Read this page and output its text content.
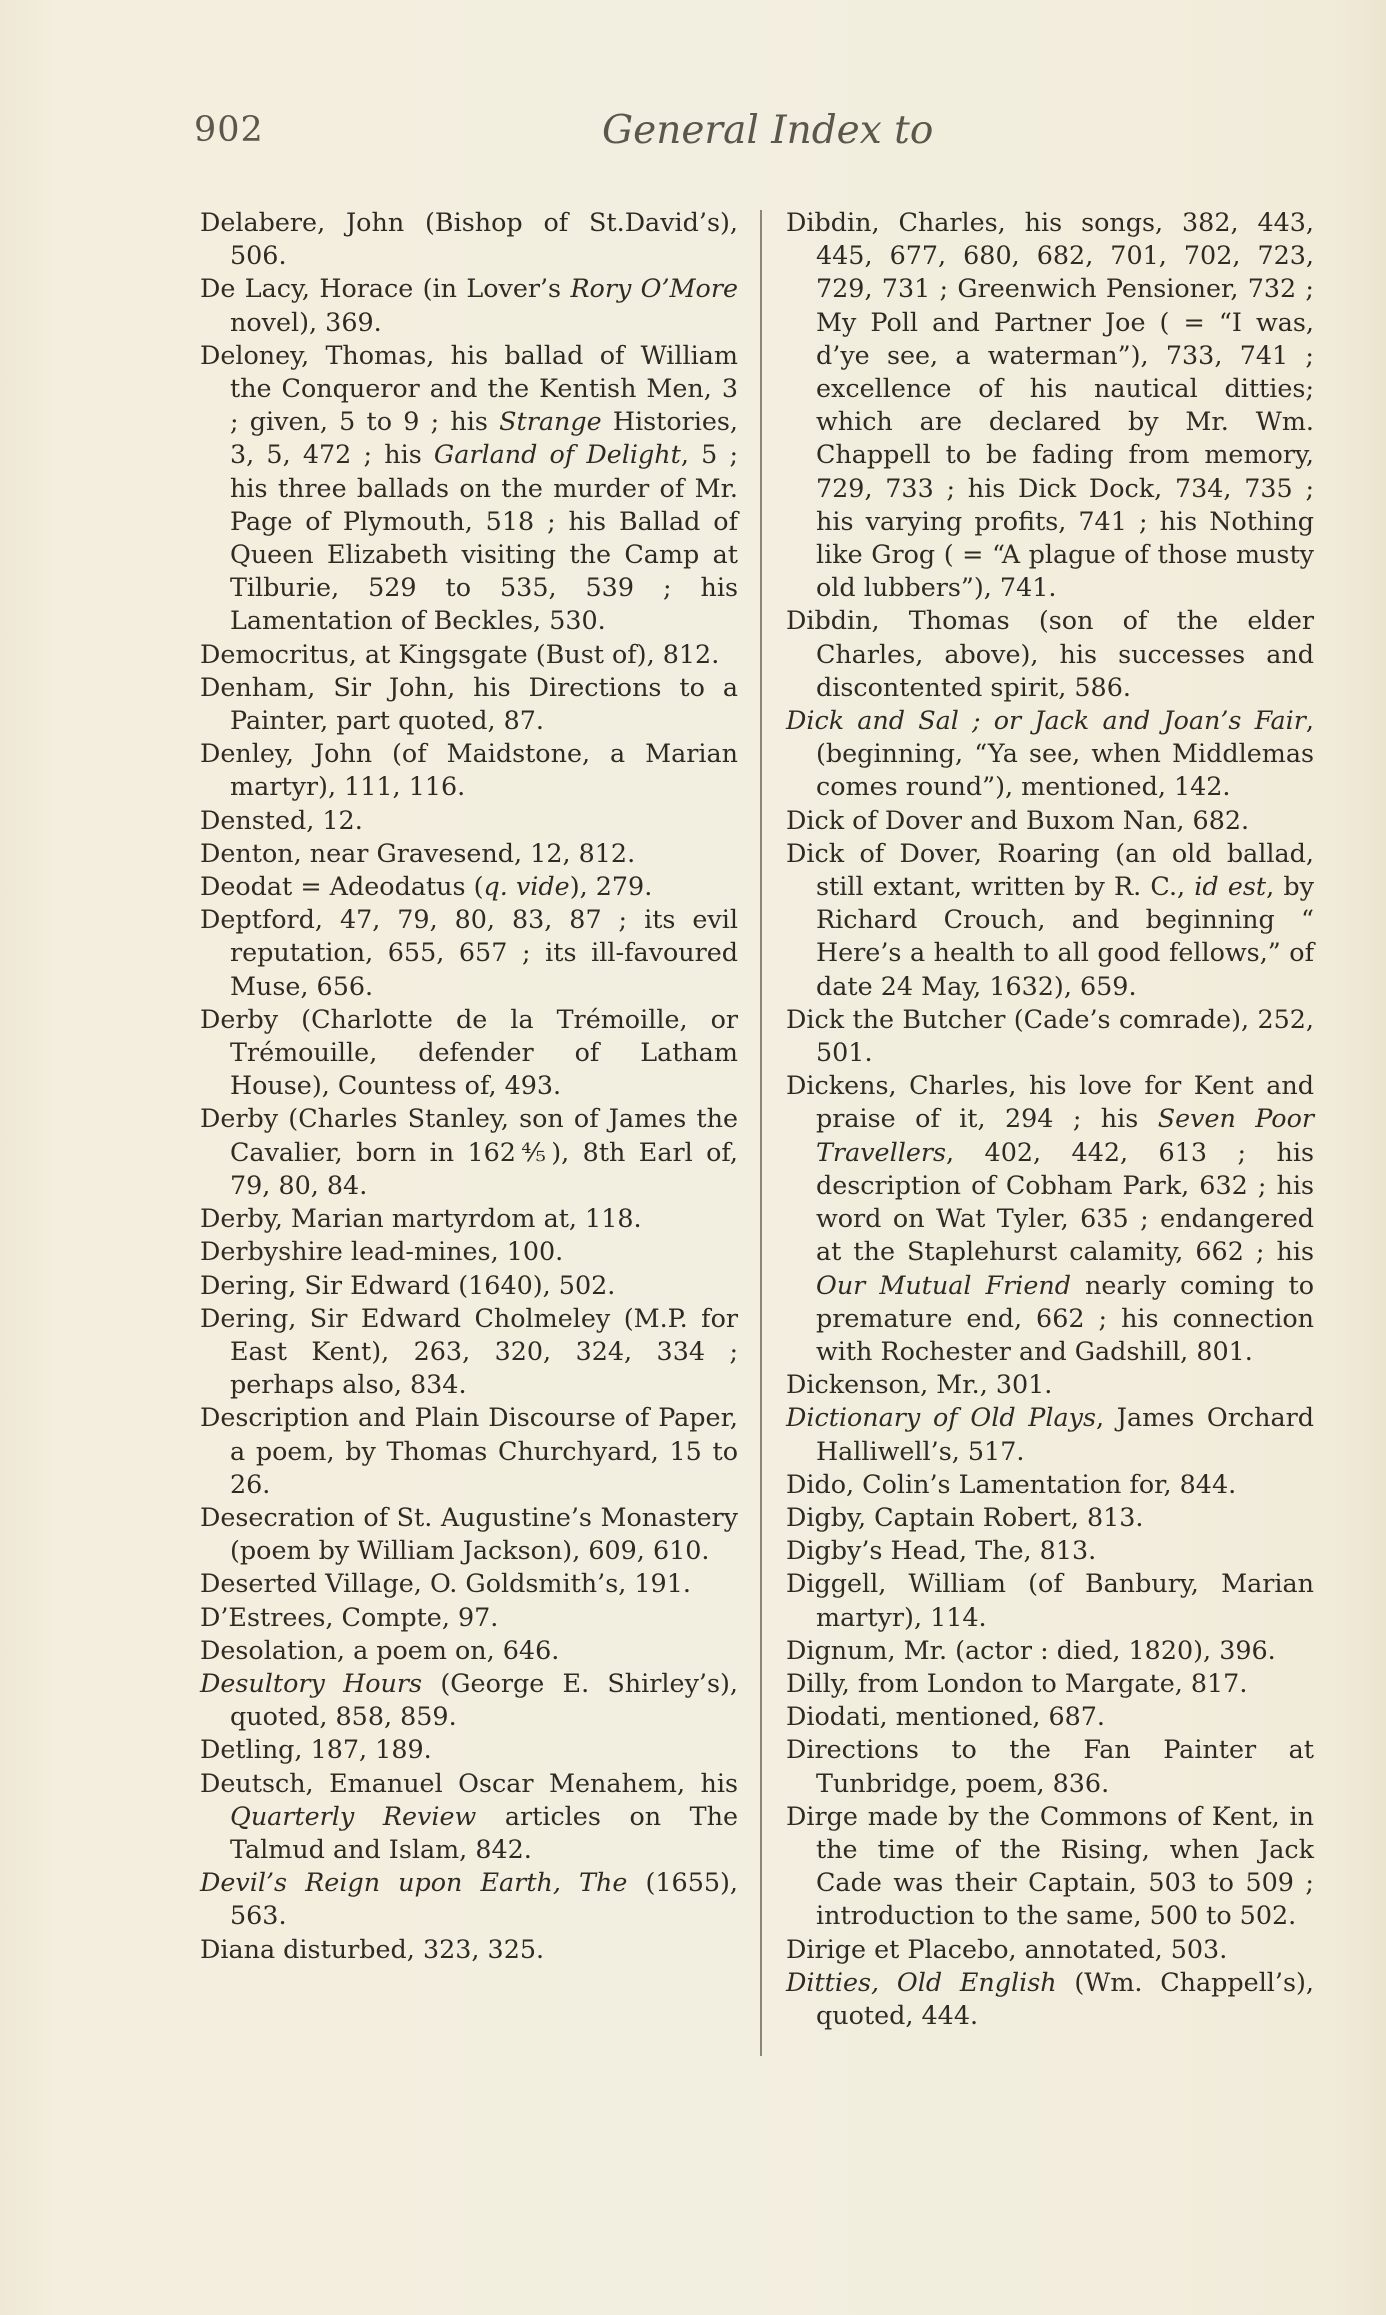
902	General Index to

Delabere, John (Bishop of St.David’s), 506.

De Lacy, Horace (in Lover’s Rory O’More novel), 369.

Deloney, Thomas, his ballad of William the Conqueror and the Kentish Men, 3 ; given, 5 to 9 ; his Strange Histories, 3, 5, 472 ; his Garland of Delight, 5 ; his three ballads on the murder of Mr. Page of Plymouth, 518 ; his Ballad of Queen Elizabeth visiting the Camp at Tilburie, 529 to 535, 539 ; his Lamentation of Beckles, 530.

Democritus, at Kingsgate (Bust of), 812.

Denham, Sir John, his Directions to a Painter, part quoted, 87.

Denley, John (of Maidstone, a Marian martyr), 111, 116.

Densted, 12.

Denton, near Gravesend, 12, 812.

Deodat = Adeodatus (q. vide), 279.

Deptford, 47, 79, 80, 83, 87 ; its evil reputation, 655, 657 ; its ill-favoured Muse, 656.

Derby (Charlotte de la Trémoille, or Trémouille, defender of Latham House), Countess of, 493.

Derby (Charles Stanley, son of James the Cavalier, born in 162⅘), 8th Earl of, 79, 80, 84.

Derby, Marian martyrdom at, 118.

Derbyshire lead-mines, 100.

Dering, Sir Edward (1640), 502.

Dering, Sir Edward Cholmeley (M.P. for East Kent), 263, 320, 324, 334 ; perhaps also, 834.

Description and Plain Discourse of Paper, a poem, by Thomas Churchyard, 15 to 26.

Desecration of St. Augustine’s Monastery (poem by William Jackson), 609, 610.

Deserted Village, O. Goldsmith’s, 191.

D’Estrees, Compte, 97.

Desolation, a poem on, 646.

Desultory Hours (George E. Shirley’s), quoted, 858, 859.

Detling, 187, 189.

Deutsch, Emanuel Oscar Menahem, his Quarterly Review articles on The Talmud and Islam, 842.

Devil’s Reign upon Earth, The (1655), 563.

Diana disturbed, 323, 325.

Dibdin, Charles, his songs, 382, 443, 445, 677, 680, 682, 701, 702, 723, 729, 731 ; Greenwich Pensioner, 732 ; My Poll and Partner Joe ( = “I was, d’ye see, a waterman”), 733, 741 ; excellence of his nautical ditties; which are declared by Mr. Wm. Chappell to be fading from memory, 729, 733 ; his Dick Dock, 734, 735 ; his varying profits, 741 ; his Nothing like Grog ( = “A plague of those musty old lubbers”), 741.

Dibdin, Thomas (son of the elder Charles, above), his successes and discontented spirit, 586.

Dick and Sal ; or Jack and Joan’s Fair, (beginning, “Ya see, when Middlemas comes round”), mentioned, 142.

Dick of Dover and Buxom Nan, 682.

Dick of Dover, Roaring (an old ballad, still extant, written by R. C., id est, by Richard Crouch, and beginning “ Here’s a health to all good fellows,” of date 24 May, 1632), 659.

Dick the Butcher (Cade’s comrade), 252, 501.

Dickens, Charles, his love for Kent and praise of it, 294 ; his Seven Poor Travellers, 402, 442, 613 ; his description of Cobham Park, 632 ; his word on Wat Tyler, 635 ; endangered at the Staplehurst calamity, 662 ; his Our Mutual Friend nearly coming to premature end, 662 ; his connection with Rochester and Gadshill, 801.

Dickenson, Mr., 301.

Dictionary of Old Plays, James Orchard Halliwell’s, 517.

Dido, Colin’s Lamentation for, 844.

Digby, Captain Robert, 813.

Digby’s Head, The, 813.

Diggell, William (of Banbury, Marian martyr), 114.

Dignum, Mr. (actor : died, 1820), 396.

Dilly, from London to Margate, 817.

Diodati, mentioned, 687.

Directions to the Fan Painter at Tunbridge, poem, 836.

Dirge made by the Commons of Kent, in the time of the Rising, when Jack Cade was their Captain, 503 to 509 ; introduction to the same, 500 to 502.

Dirige et Placebo, annotated, 503.

Ditties, Old English (Wm. Chappell’s), quoted, 444.
